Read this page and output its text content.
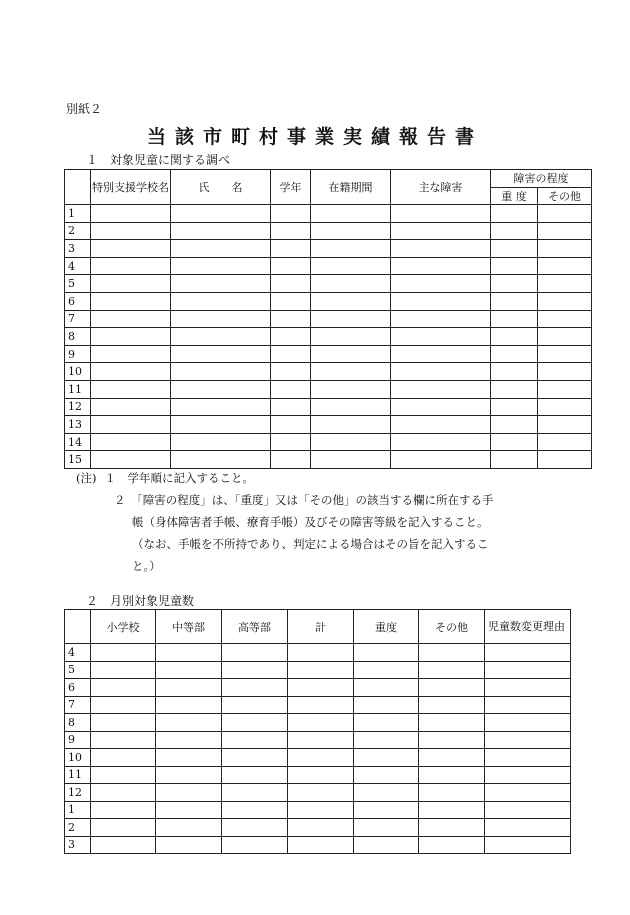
別紙２
当該市町村事業実績報告書
１　対象児童に関する調べ
	特別支援学校名	氏　　名	学年	在籍期間	主な障害	障害の程度	
						重 度	その他
1							
2							
3							
4							
5							
6							
7							
8							
9							
10							
11							
12							
13							
14							
15							
(注) １　学年順に記入すること。
２　「障害の程度」は、「重度」又は「その他」の該当する欄に所在する手
帳（身体障害者手帳、療育手帳）及びその障害等級を記入すること。
（なお、手帳を不所持であり、判定による場合はその旨を記入するこ
と。）
２　月別対象児童数
	小学校	中等部	高等部	計	重度	その他	児童数変更理由
4							
5							
6							
7							
8							
9							
10							
11							
12							
1							
2							
3							
